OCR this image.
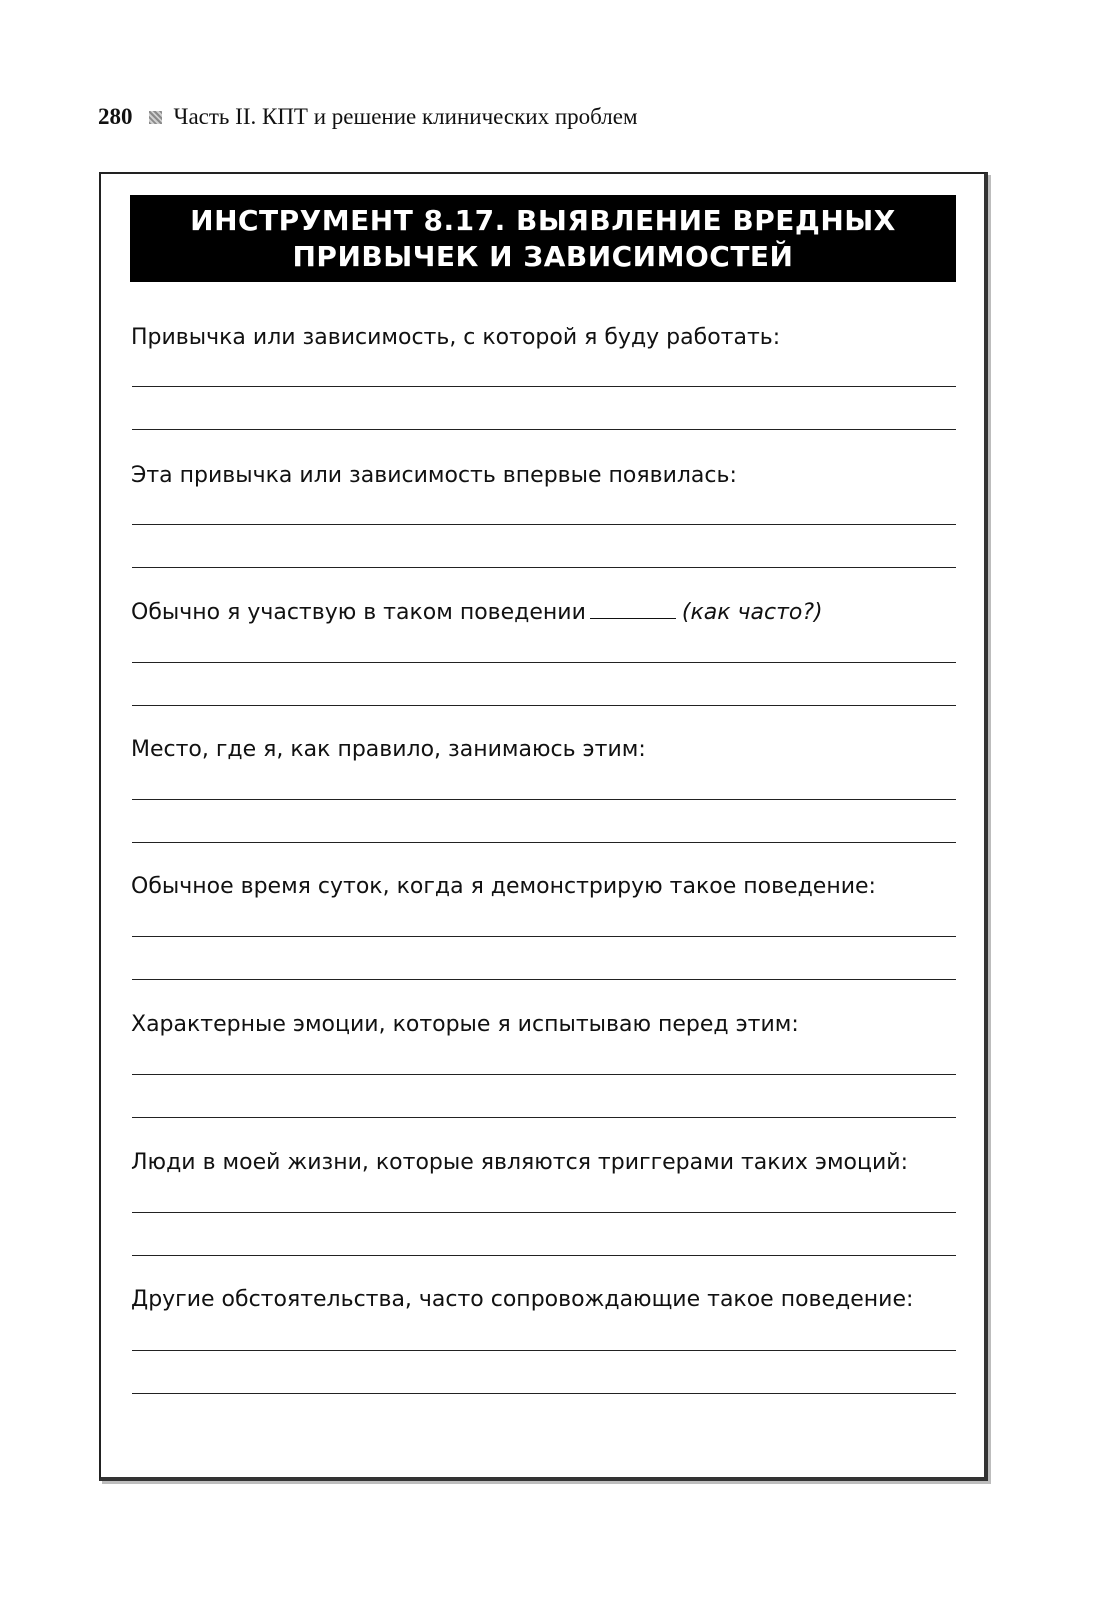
280 Часть II. КПТ и решение клинических проблем
ИНСТРУМЕНТ 8.17. ВЫЯВЛЕНИЕ ВРЕДНЫХ
ПРИВЫЧЕК И ЗАВИСИМОСТЕЙ
Привычка или зависимость, с которой я буду работать:
Эта привычка или зависимость впервые появилась:
Обычно я участвую в таком поведении	(как часто?)
Место, где я, как правило, занимаюсь этим:
Обычное время суток, когда я демонстрирую такое поведение:
Характерные эмоции, которые я испытываю перед этим:
Люди в моей жизни, которые являются триггерами таких эмоций:
Другие обстоятельства, часто сопровождающие такое поведение:
